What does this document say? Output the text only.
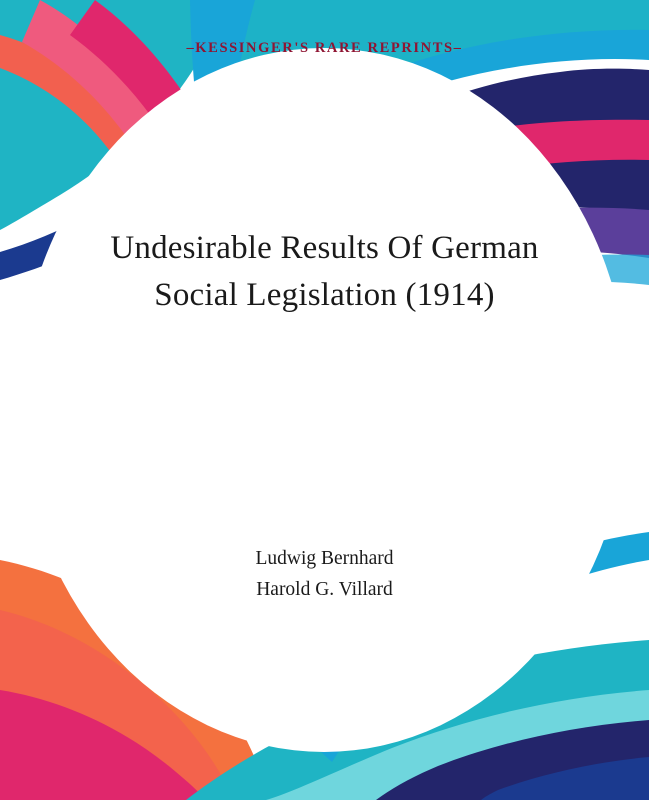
–KESSINGER'S RARE REPRINTS–
Undesirable Results Of German Social Legislation (1914)
Ludwig Bernhard
Harold G. Villard
